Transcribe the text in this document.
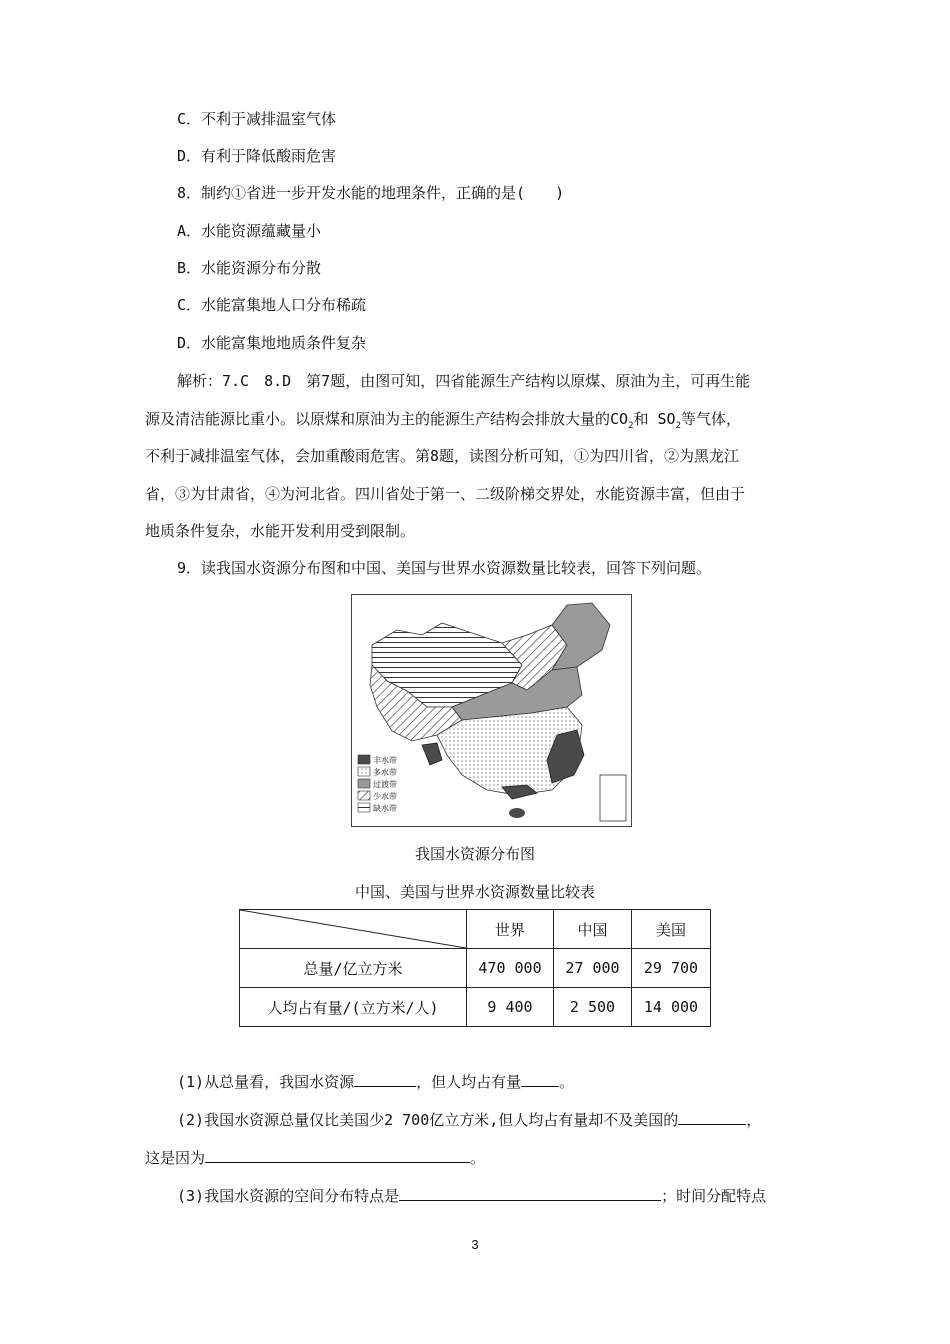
C．不利于减排温室气体
D．有利于降低酸雨危害
8．制约①省进一步开发水能的地理条件，正确的是(　　)
A．水能资源蕴藏量小
B．水能资源分布分散
C．水能富集地人口分布稀疏
D．水能富集地地质条件复杂
解析：7.C　8.D　第7题，由图可知，四省能源生产结构以原煤、原油为主，可再生能
源及清洁能源比重小。以原煤和原油为主的能源生产结构会排放大量的$CO_2$和 $SO_2$等气体，
不利于减排温室气体，会加重酸雨危害。第8题，读图分析可知，①为四川省，②为黑龙江
省，③为甘肃省，④为河北省。四川省处于第一、二级阶梯交界处，水能资源丰富，但由于
地质条件复杂，水能开发利用受到限制。
9．读我国水资源分布图和中国、美国与世界水资源数量比较表，回答下列问题。
丰水带
多水带
过渡带
少水带
缺水带
我国水资源分布图
中国、美国与世界水资源数量比较表
	世界	中国	美国
总量/亿立方米	470 000	27 000	29 700
人均占有量/(立方米/人)	9 400	2 500	14 000
(1)从总量看，我国水资源	，但人均占有量	。
(2)我国水资源总量仅比美国少2 700亿立方米,但人均占有量却不及美国的	，
这是因为	。
(3)我国水资源的空间分布特点是	；时间分配特点
3
